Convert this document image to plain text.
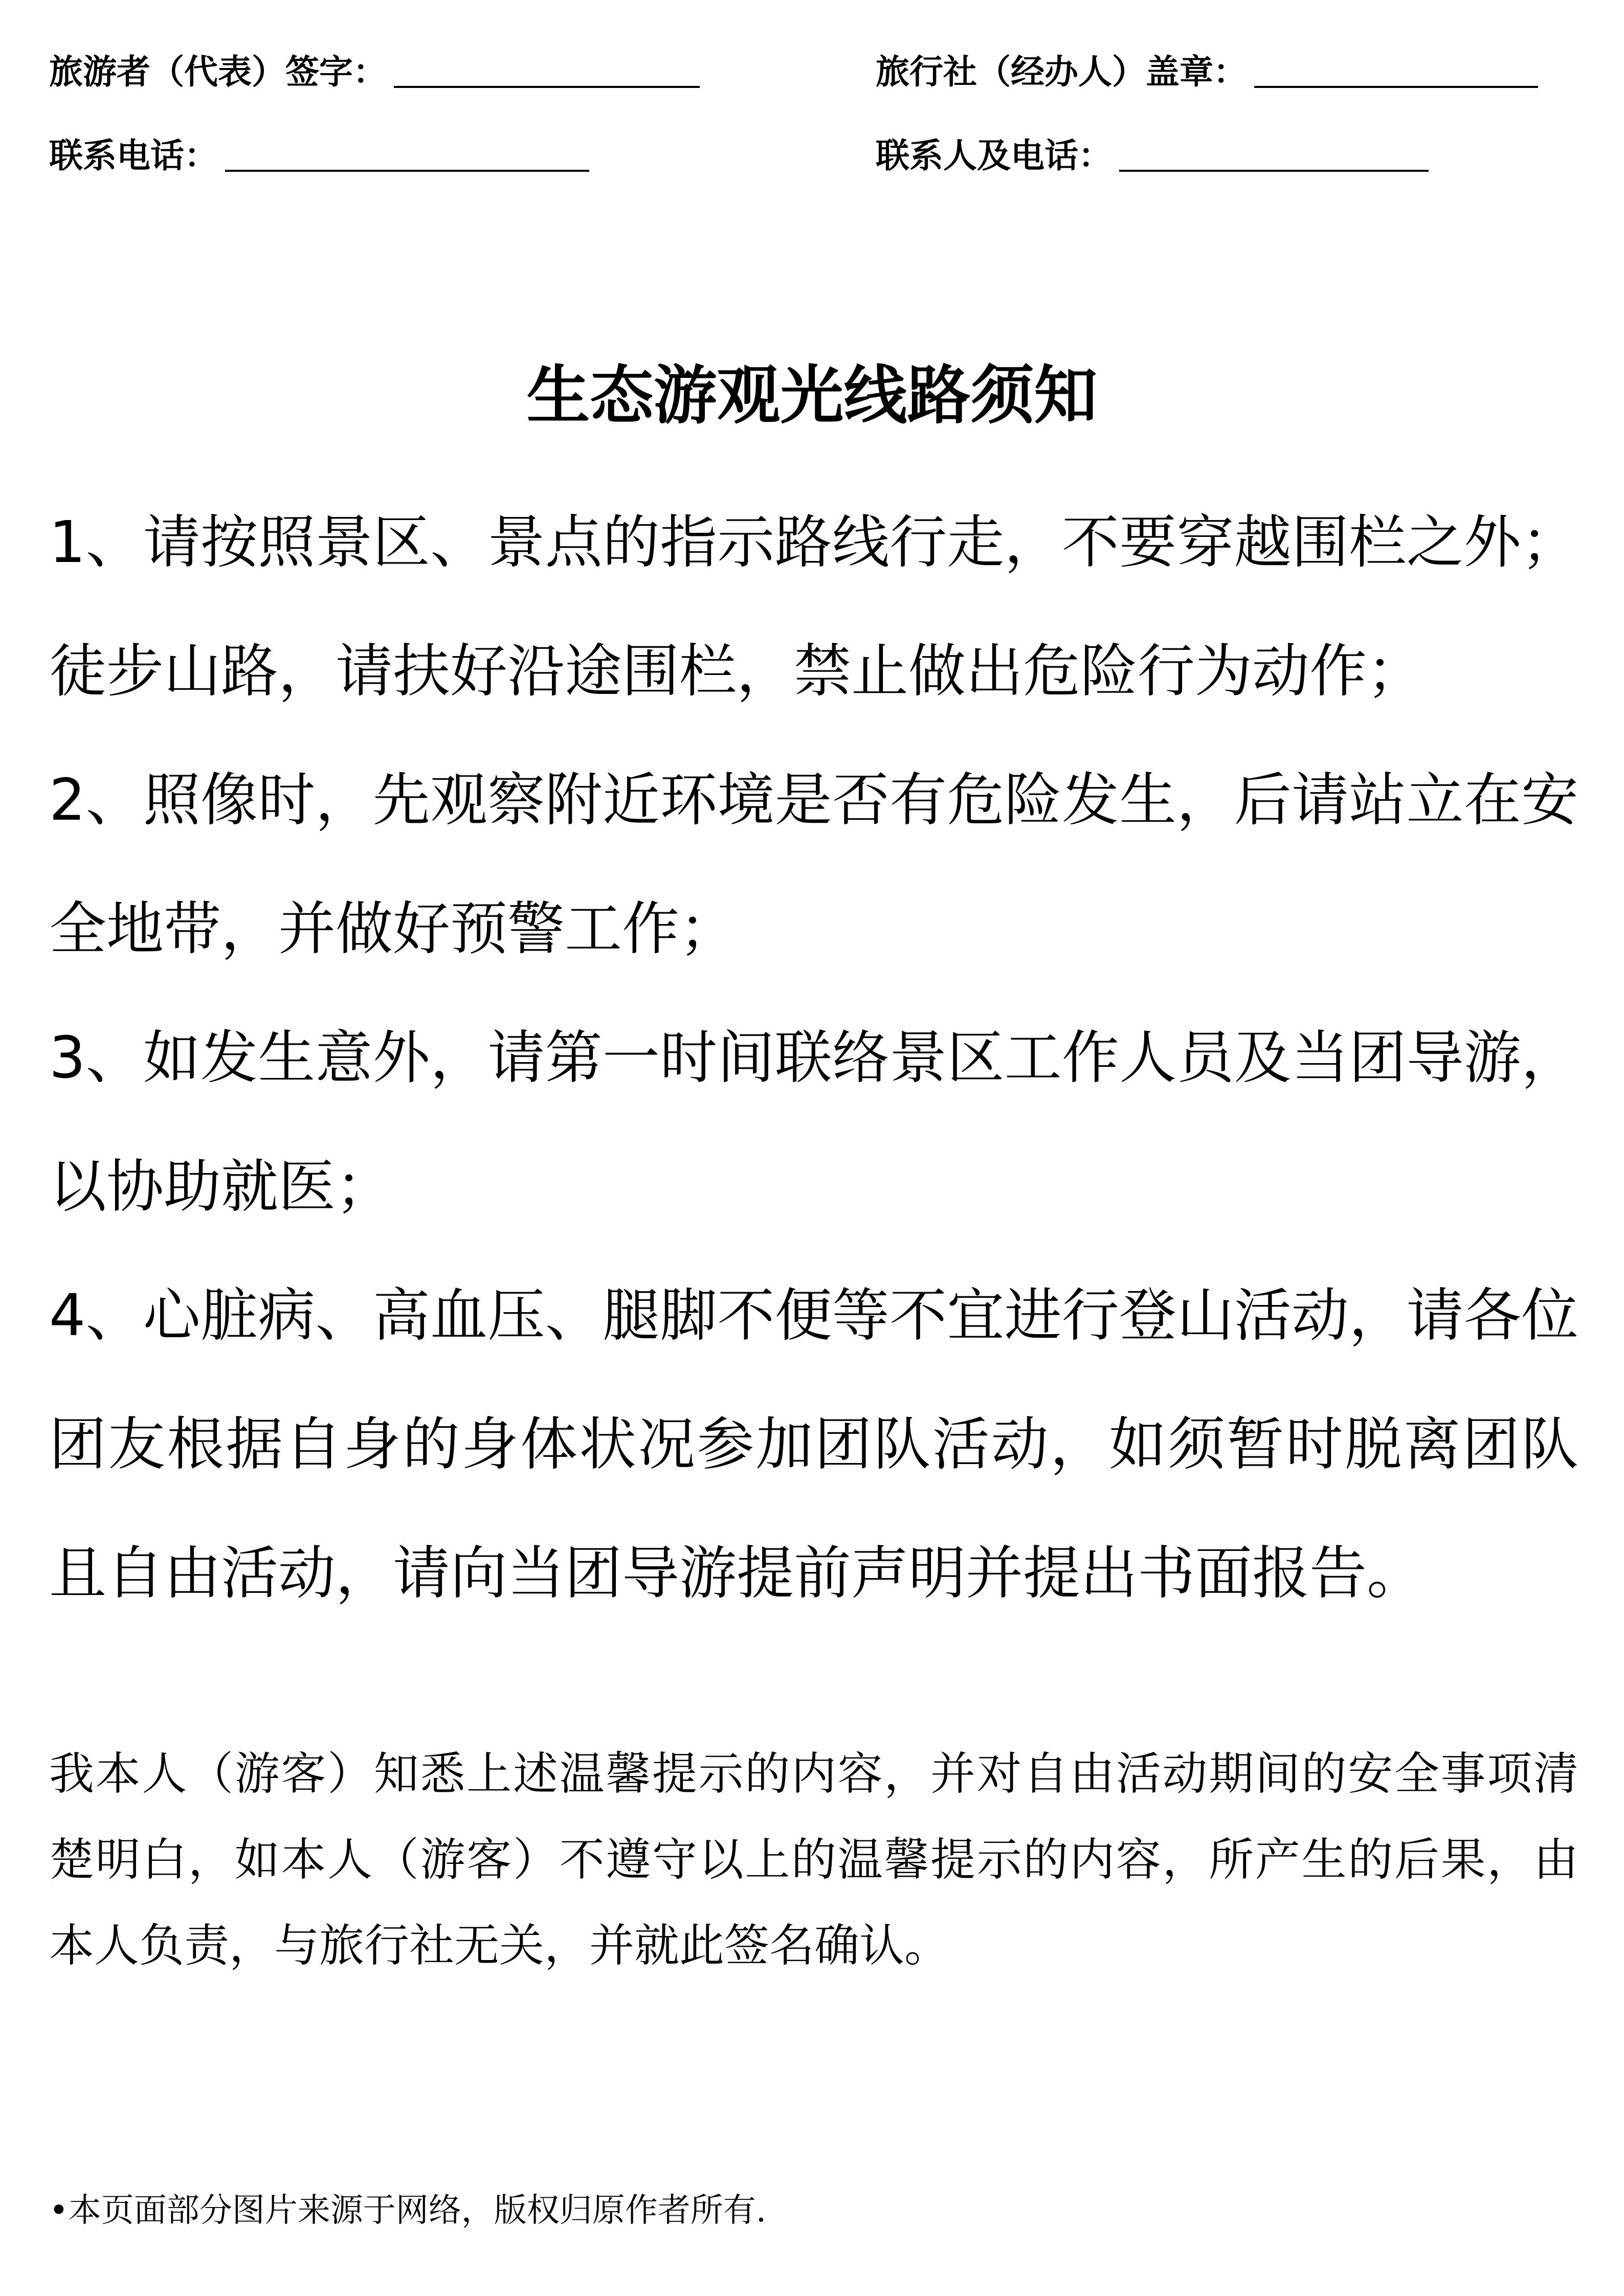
旅游者（代表）签字：	旅行社（经办人）盖章：
联系电话：	联系人及电话：
生态游观光线路须知

1、请按照景区、景点的指示路线行走，不要穿越围栏之外；徒步山路，请扶好沿途围栏，禁止做出危险行为动作；

2、照像时，先观察附近环境是否有危险发生，后请站立在安全地带，并做好预警工作；

3、如发生意外，请第一时间联络景区工作人员及当团导游，以协助就医；

4、心脏病、高血压、腿脚不便等不宜进行登山活动，请各位团友根据自身的身体状况参加团队活动，如须暂时脱离团队且自由活动，请向当团导游提前声明并提出书面报告。

我本人（游客）知悉上述温馨提示的内容，并对自由活动期间的安全事项清楚明白，如本人（游客）不遵守以上的温馨提示的内容，所产生的后果，由本人负责，与旅行社无关，并就此签名确认。
•本页面部分图片来源于网络，版权归原作者所有.
